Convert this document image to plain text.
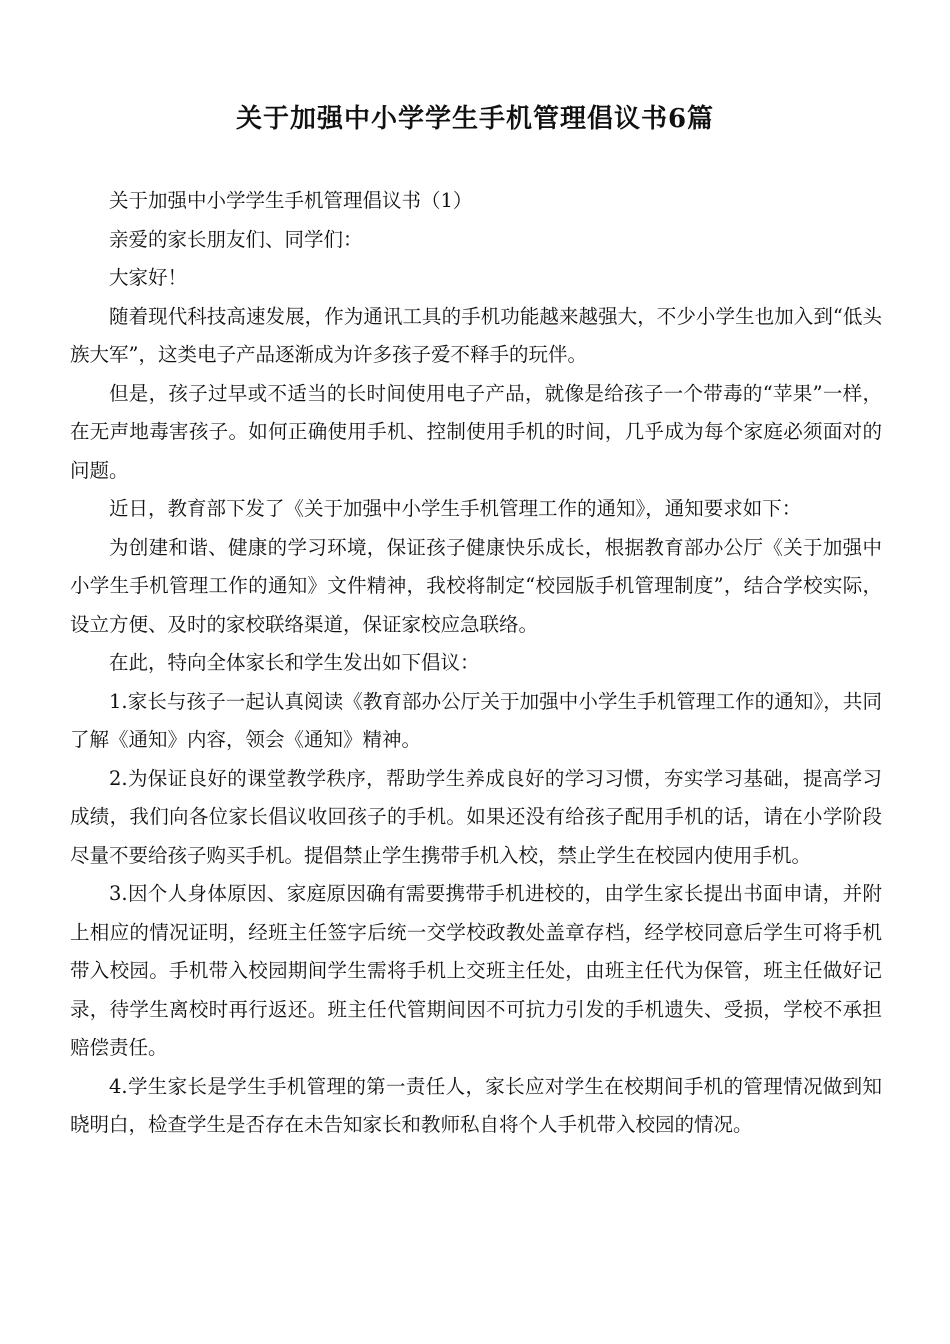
关于加强中小学学生手机管理倡议书6篇

关于加强中小学学生手机管理倡议书（1）

亲爱的家长朋友们、同学们：

大家好！

随着现代科技高速发展，作为通讯工具的手机功能越来越强大，不少小学生也加入到“低头族大军”，这类电子产品逐渐成为许多孩子爱不释手的玩伴。

但是，孩子过早或不适当的长时间使用电子产品，就像是给孩子一个带毒的“苹果”一样，在无声地毒害孩子。如何正确使用手机、控制使用手机的时间，几乎成为每个家庭必须面对的问题。

近日，教育部下发了《关于加强中小学生手机管理工作的通知》，通知要求如下：

为创建和谐、健康的学习环境，保证孩子健康快乐成长，根据教育部办公厅《关于加强中小学生手机管理工作的通知》文件精神，我校将制定“校园版手机管理制度”，结合学校实际，设立方便、及时的家校联络渠道，保证家校应急联络。

在此，特向全体家长和学生发出如下倡议：

1.家长与孩子一起认真阅读《教育部办公厅关于加强中小学生手机管理工作的通知》，共同了解《通知》内容，领会《通知》精神。

2.为保证良好的课堂教学秩序，帮助学生养成良好的学习习惯，夯实学习基础，提高学习成绩，我们向各位家长倡议收回孩子的手机。如果还没有给孩子配用手机的话，请在小学阶段尽量不要给孩子购买手机。提倡禁止学生携带手机入校，禁止学生在校园内使用手机。

3.因个人身体原因、家庭原因确有需要携带手机进校的，由学生家长提出书面申请，并附上相应的情况证明，经班主任签字后统一交学校政教处盖章存档，经学校同意后学生可将手机带入校园。手机带入校园期间学生需将手机上交班主任处，由班主任代为保管，班主任做好记录，待学生离校时再行返还。班主任代管期间因不可抗力引发的手机遗失、受损，学校不承担赔偿责任。

4.学生家长是学生手机管理的第一责任人，家长应对学生在校期间手机的管理情况做到知晓明白，检查学生是否存在未告知家长和教师私自将个人手机带入校园的情况。
